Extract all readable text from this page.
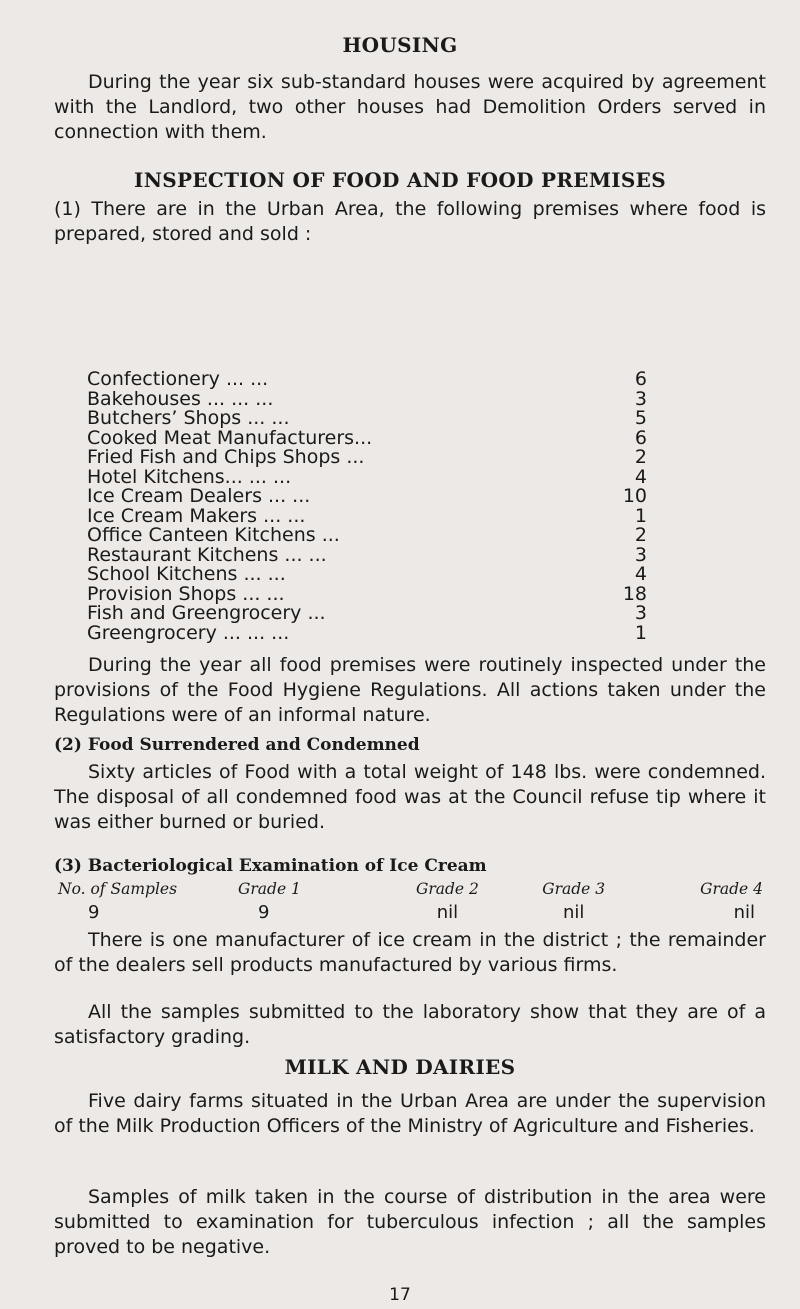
HOUSING

During the year six sub-standard houses were acquired by agreement with the Landlord, two other houses had Demolition Orders served in connection with them.

INSPECTION OF FOOD AND FOOD PREMISES

(1) There are in the Urban Area, the following premises where food is prepared, stored and sold :

Confectionery ... ...	6
Bakehouses ... ... ...	3
Butchers’ Shops ... ...	5
Cooked Meat Manufacturers...	6
Fried Fish and Chips Shops ...	2
Hotel Kitchens... ... ...	4
Ice Cream Dealers ... ...	10
Ice Cream Makers ... ...	1
Office Canteen Kitchens ...	2
Restaurant Kitchens ... ...	3
School Kitchens ... ...	4
Provision Shops ... ...	18
Fish and Greengrocery ...	3
Greengrocery ... ... ...	1

During the year all food premises were routinely inspected under the provisions of the Food Hygiene Regulations. All actions taken under the Regulations were of an informal nature.

(2) Food Surrendered and Condemned

Sixty articles of Food with a total weight of 148 lbs. were condemned. The disposal of all condemned food was at the Council refuse tip where it was either burned or buried.

(3) Bacteriological Examination of Ice Cream
No. of Samples	Grade 1	Grade 2	Grade 3	Grade 4
9	9	nil	nil	nil

There is one manufacturer of ice cream in the district ; the remainder of the dealers sell products manufactured by various firms.

All the samples submitted to the laboratory show that they are of a satisfactory grading.

MILK AND DAIRIES

Five dairy farms situated in the Urban Area are under the supervision of the Milk Production Officers of the Ministry of Agriculture and Fisheries.

Samples of milk taken in the course of distribution in the area were submitted to examination for tuberculous infection ; all the samples proved to be negative.

17
